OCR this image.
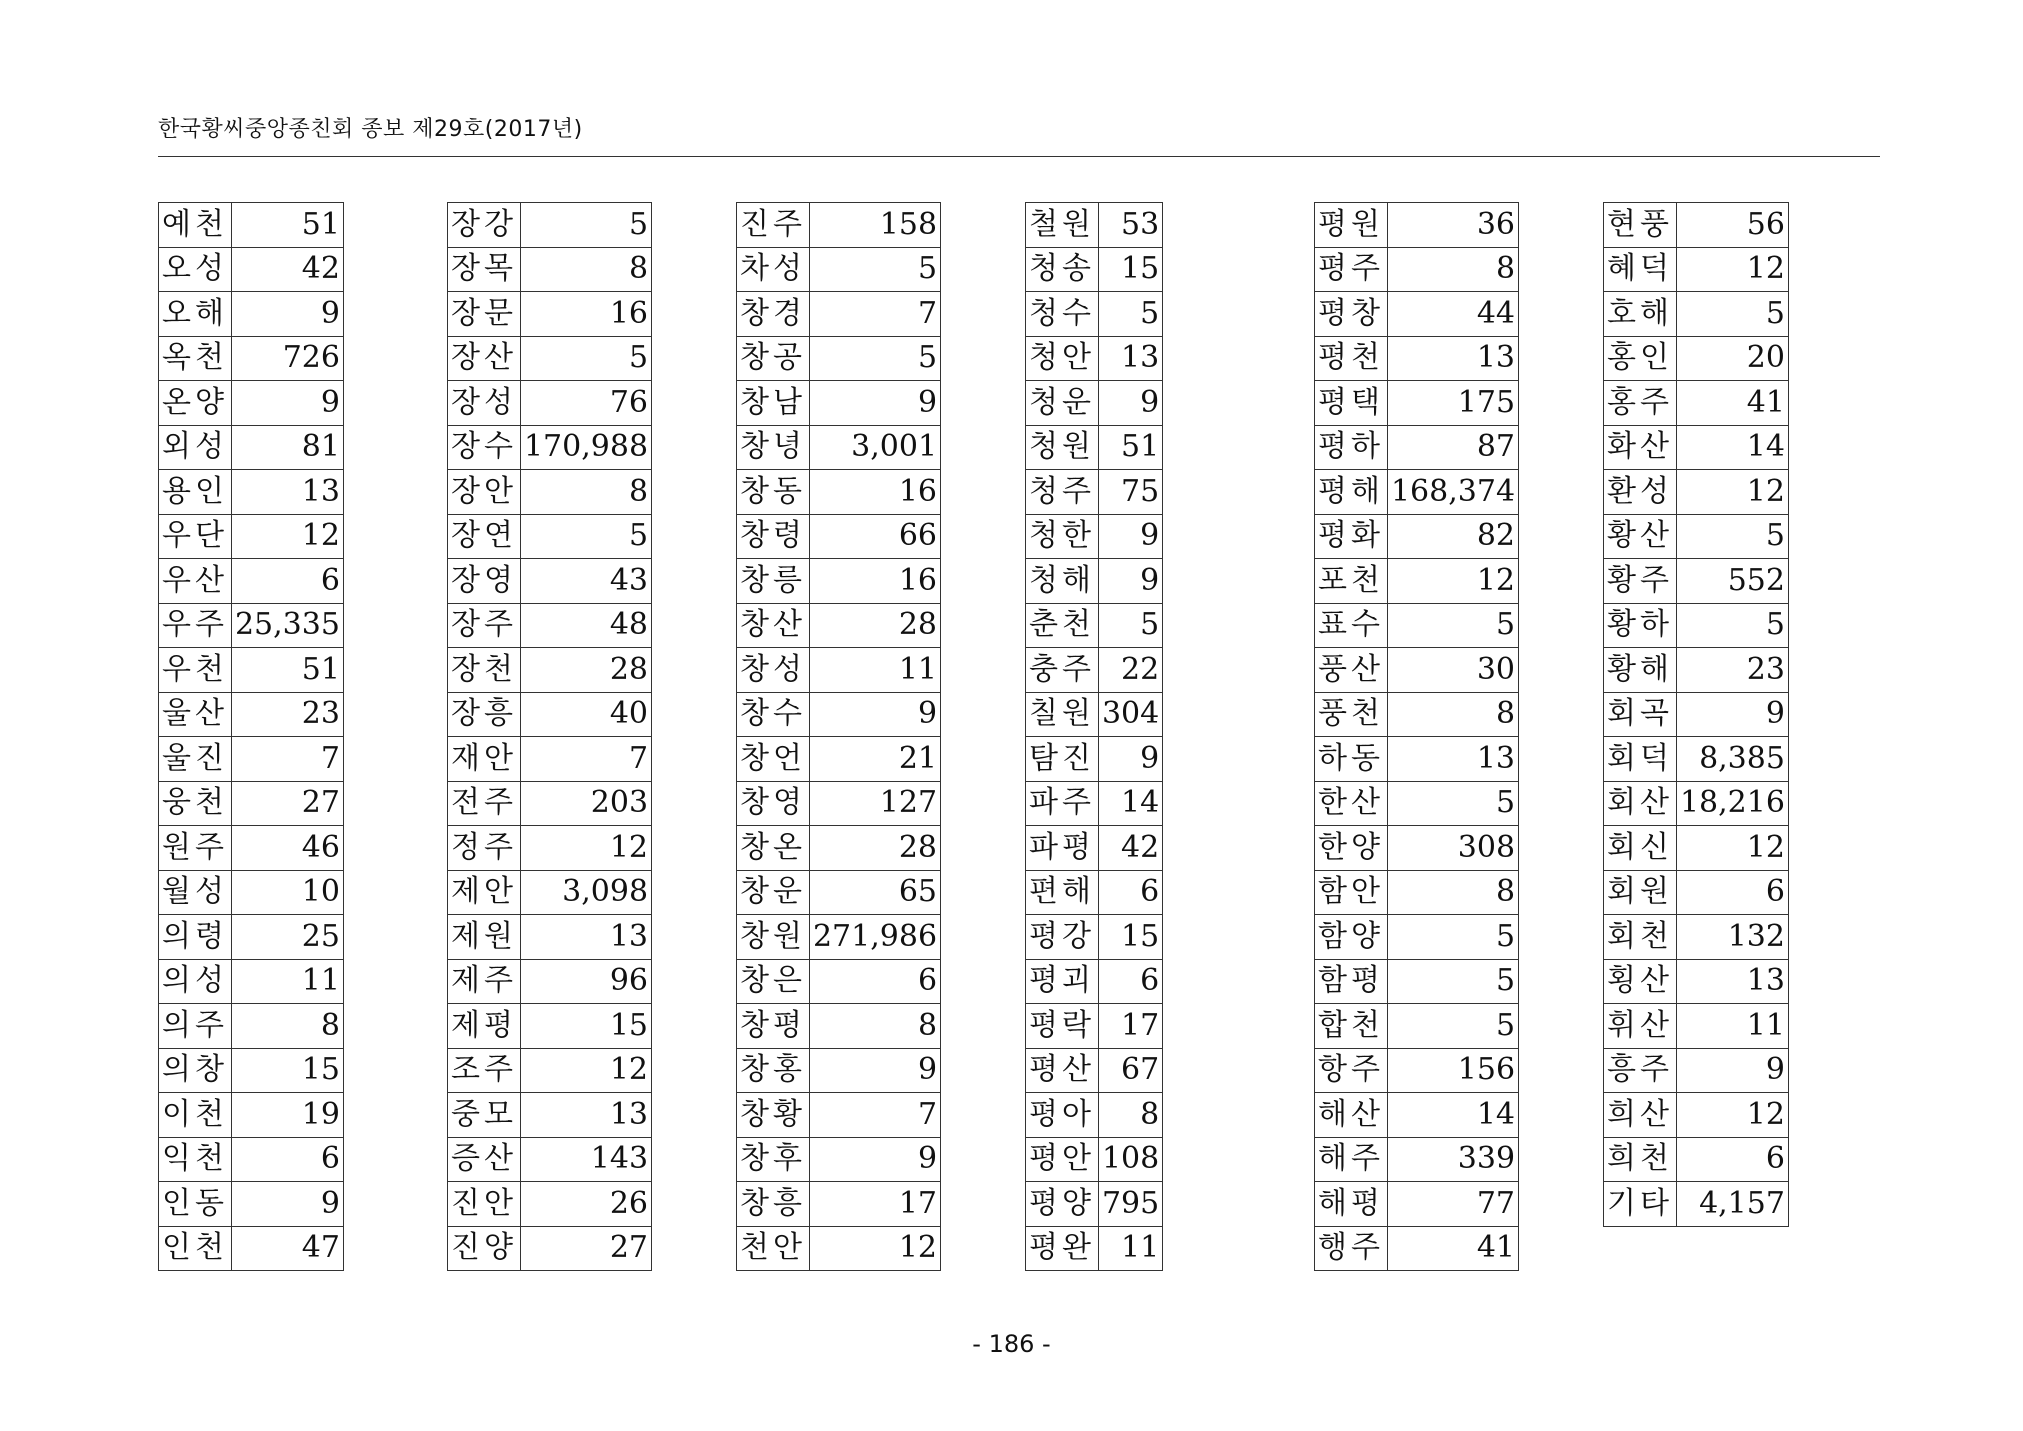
한국황씨중앙종친회 종보 제29호(2017년)
예천	51
오성	42
오해	9
옥천	726
온양	9
외성	81
용인	13
우단	12
우산	6
우주	25,335
우천	51
울산	23
울진	7
웅천	27
원주	46
월성	10
의령	25
의성	11
의주	8
의창	15
이천	19
익천	6
인동	9
인천	47
장강	5
장목	8
장문	16
장산	5
장성	76
장수	170,988
장안	8
장연	5
장영	43
장주	48
장천	28
장흥	40
재안	7
전주	203
정주	12
제안	3,098
제원	13
제주	96
제평	15
조주	12
중모	13
증산	143
진안	26
진양	27
진주	158
차성	5
창경	7
창공	5
창남	9
창녕	3,001
창동	16
창령	66
창릉	16
창산	28
창성	11
창수	9
창언	21
창영	127
창온	28
창운	65
창원	271,986
창은	6
창평	8
창홍	9
창황	7
창후	9
창흥	17
천안	12
철원	53
청송	15
청수	5
청안	13
청운	9
청원	51
청주	75
청한	9
청해	9
춘천	5
충주	22
칠원	304
탐진	9
파주	14
파평	42
편해	6
평강	15
평괴	6
평락	17
평산	67
평아	8
평안	108
평양	795
평완	11
평원	36
평주	8
평창	44
평천	13
평택	175
평하	87
평해	168,374
평화	82
포천	12
표수	5
풍산	30
풍천	8
하동	13
한산	5
한양	308
함안	8
함양	5
함평	5
합천	5
항주	156
해산	14
해주	339
해평	77
행주	41
현풍	56
혜덕	12
호해	5
홍인	20
홍주	41
화산	14
환성	12
황산	5
황주	552
황하	5
황해	23
회곡	9
회덕	8,385
회산	18,216
회신	12
회원	6
회천	132
횡산	13
휘산	11
흥주	9
희산	12
희천	6
기타	4,157
- 186 -
